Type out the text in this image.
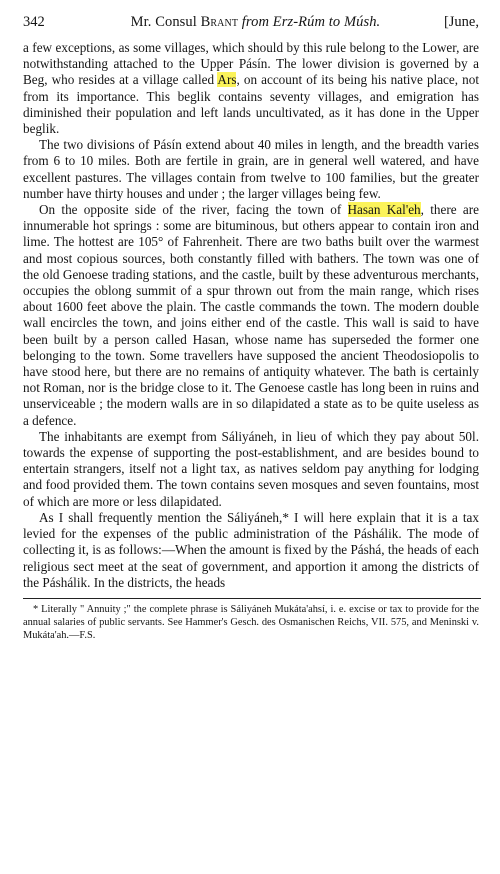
342	Mr. Consul Brant from Erz-Rúm to Músh.	[June,

a few exceptions, as some villages, which should by this rule belong to the Lower, are notwithstanding attached to the Upper Pásín. The lower division is governed by a Beg, who resides at a village called Ars, on account of its being his native place, not from its importance. This beglik contains seventy villages, and emigration has diminished their population and left lands uncultivated, as it has done in the Upper beglik.

The two divisions of Pásín extend about 40 miles in length, and the breadth varies from 6 to 10 miles. Both are fertile in grain, are in general well watered, and have excellent pastures. The villages contain from twelve to 100 families, but the greater number have thirty houses and under ; the larger villages being few.

On the opposite side of the river, facing the town of Hasan Kal'eh, there are innumerable hot springs : some are bituminous, but others appear to contain iron and lime. The hottest are 105° of Fahrenheit. There are two baths built over the warmest and most copious sources, both constantly filled with bathers. The town was one of the old Genoese trading stations, and the castle, built by these adventurous merchants, occupies the oblong summit of a spur thrown out from the main range, which rises about 1600 feet above the plain. The castle commands the town. The modern double wall encircles the town, and joins either end of the castle. This wall is said to have been built by a person called Hasan, whose name has superseded the former one belonging to the town. Some travellers have supposed the ancient Theodosiopolis to have stood here, but there are no remains of antiquity whatever. The bath is certainly not Roman, nor is the bridge close to it. The Genoese castle has long been in ruins and unserviceable ; the modern walls are in so dilapidated a state as to be quite useless as a defence.

The inhabitants are exempt from Sáliyáneh, in lieu of which they pay about 50l. towards the expense of supporting the post-establishment, and are besides bound to entertain strangers, itself not a light tax, as natives seldom pay anything for lodging and food provided them. The town contains seven mosques and seven fountains, most of which are more or less dilapidated.

As I shall frequently mention the Sáliyáneh,* I will here explain that it is a tax levied for the expenses of the public administration of the Páshálik. The mode of collecting it, is as follows:—When the amount is fixed by the Páshá, the heads of each religious sect meet at the seat of government, and apportion it among the districts of the Páshálik. In the districts, the heads

* Literally " Annuity ;" the complete phrase is Sáliyáneh Mukáta'ahsí, i. e. excise or tax to provide for the annual salaries of public servants. See Hammer's Gesch. des Osmanischen Reichs, VII. 575, and Meninski v. Mukáta'ah.—F.S.
